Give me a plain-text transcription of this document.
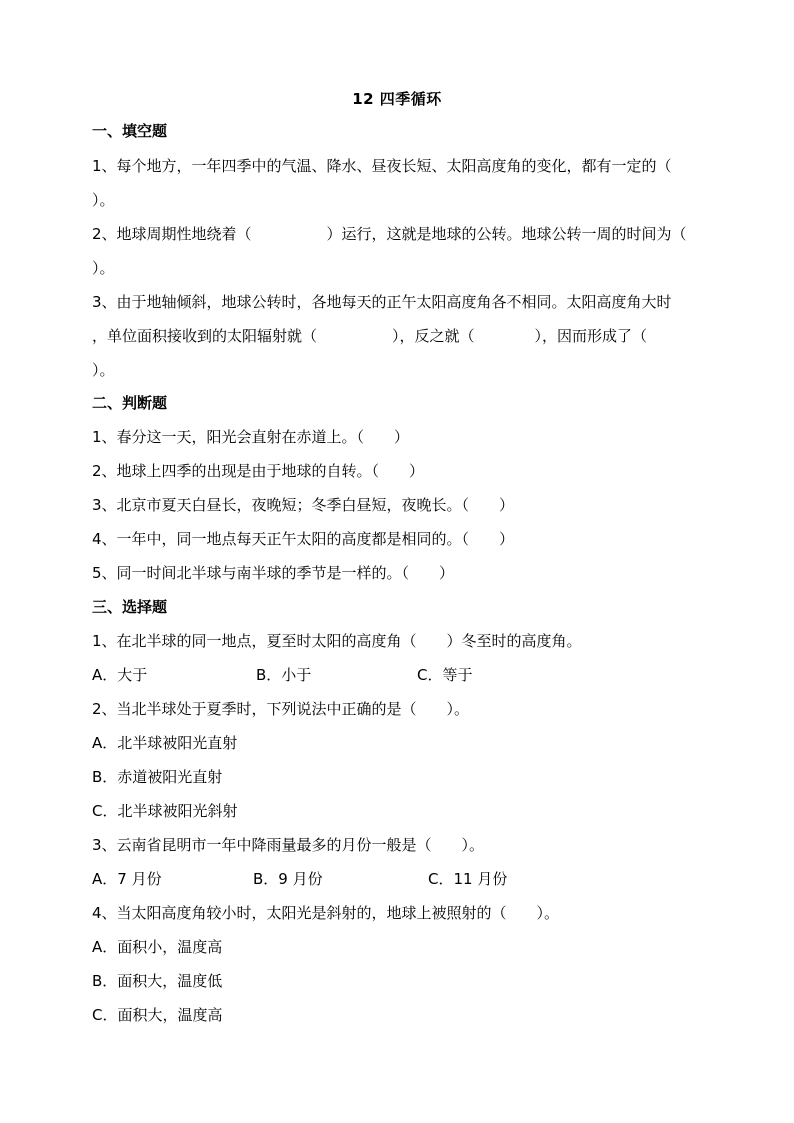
12 四季循环
一、填空题
1、每个地方，一年四季中的气温、降水、昼夜长短、太阳高度角的变化，都有一定的（
）。
2、地球周期性地绕着（　　　　　）运行，这就是地球的公转。地球公转一周的时间为（
）。
3、由于地轴倾斜，地球公转时，各地每天的正午太阳高度角各不相同。太阳高度角大时
，单位面积接收到的太阳辐射就（　　　　　），反之就（　　　　），因而形成了（
）。
二、判断题
1、春分这一天，阳光会直射在赤道上。（　　）
2、地球上四季的出现是由于地球的自转。（　　）
3、北京市夏天白昼长，夜晚短；冬季白昼短，夜晚长。（　　）
4、一年中，同一地点每天正午太阳的高度都是相同的。（　　）
5、同一时间北半球与南半球的季节是一样的。（　　）
三、选择题
1、在北半球的同一地点，夏至时太阳的高度角（　　）冬至时的高度角。
A．大于	B．小于	C．等于
2、当北半球处于夏季时，下列说法中正确的是（　　）。
A．北半球被阳光直射
B．赤道被阳光直射
C．北半球被阳光斜射
3、云南省昆明市一年中降雨量最多的月份一般是（　　）。
A．7 月份	B．9 月份	C．11 月份
4、当太阳高度角较小时，太阳光是斜射的，地球上被照射的（　　）。
A．面积小，温度高
B．面积大，温度低
C．面积大，温度高
